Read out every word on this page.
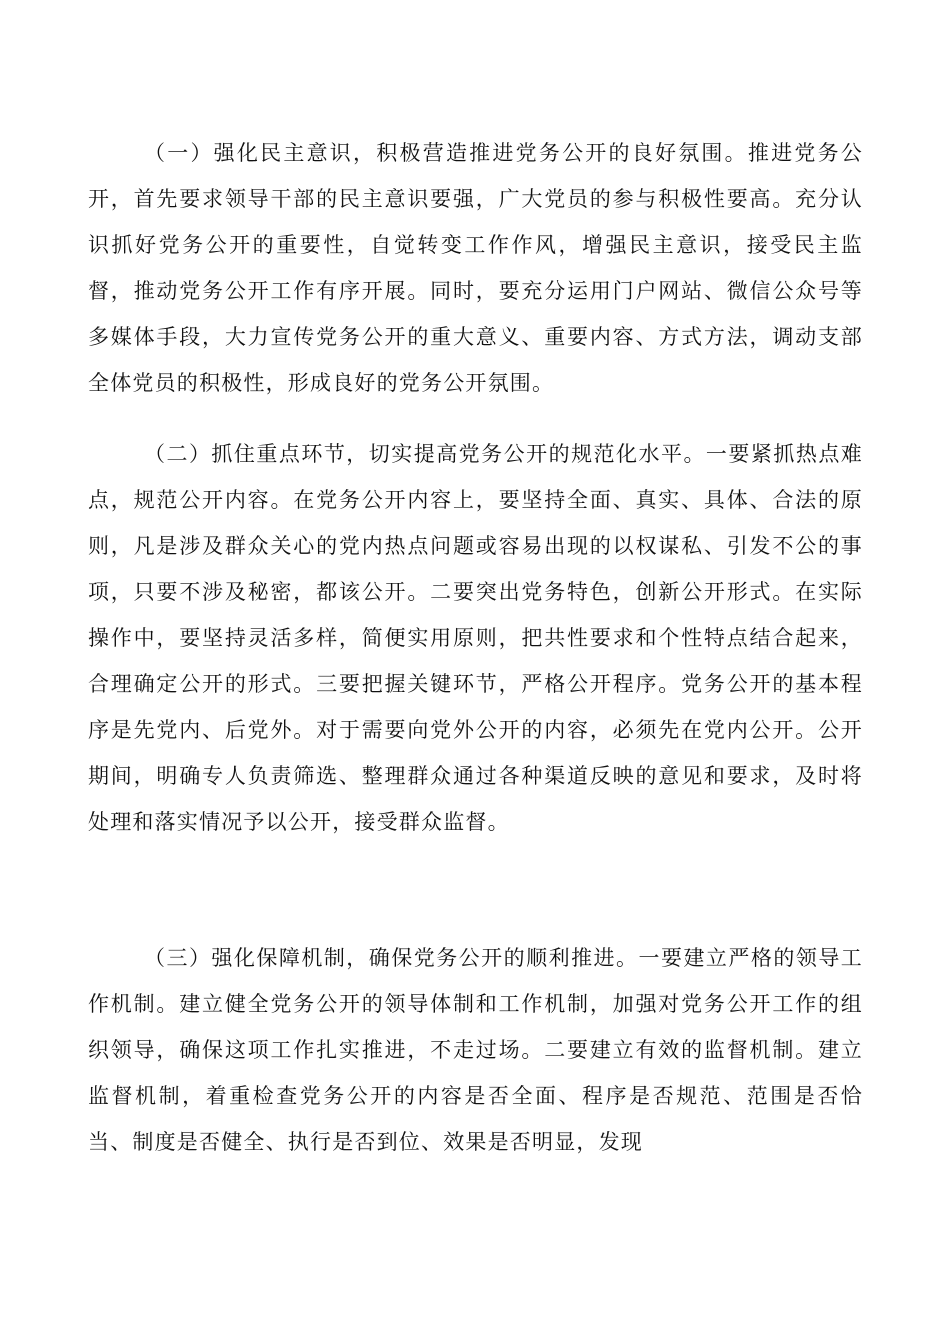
（一）强化民主意识，积极营造推进党务公开的良好氛围。推进党务公开，首先要求领导干部的民主意识要强，广大党员的参与积极性要高。充分认识抓好党务公开的重要性，自觉转变工作作风，增强民主意识，接受民主监督，推动党务公开工作有序开展。同时，要充分运用门户网站、微信公众号等多媒体手段，大力宣传党务公开的重大意义、重要内容、方式方法，调动支部全体党员的积极性，形成良好的党务公开氛围。

（二）抓住重点环节，切实提高党务公开的规范化水平。一要紧抓热点难点，规范公开内容。在党务公开内容上，要坚持全面、真实、具体、合法的原则，凡是涉及群众关心的党内热点问题或容易出现的以权谋私、引发不公的事项，只要不涉及秘密，都该公开。二要突出党务特色，创新公开形式。在实际操作中，要坚持灵活多样，简便实用原则，把共性要求和个性特点结合起来，合理确定公开的形式。三要把握关键环节，严格公开程序。党务公开的基本程序是先党内、后党外。对于需要向党外公开的内容，必须先在党内公开。公开期间，明确专人负责筛选、整理群众通过各种渠道反映的意见和要求，及时将处理和落实情况予以公开，接受群众监督。

（三）强化保障机制，确保党务公开的顺利推进。一要建立严格的领导工作机制。建立健全党务公开的领导体制和工作机制，加强对党务公开工作的组织领导，确保这项工作扎实推进，不走过场。二要建立有效的监督机制。建立监督机制，着重检查党务公开的内容是否全面、程序是否规范、范围是否恰当、制度是否健全、执行是否到位、效果是否明显，发现
